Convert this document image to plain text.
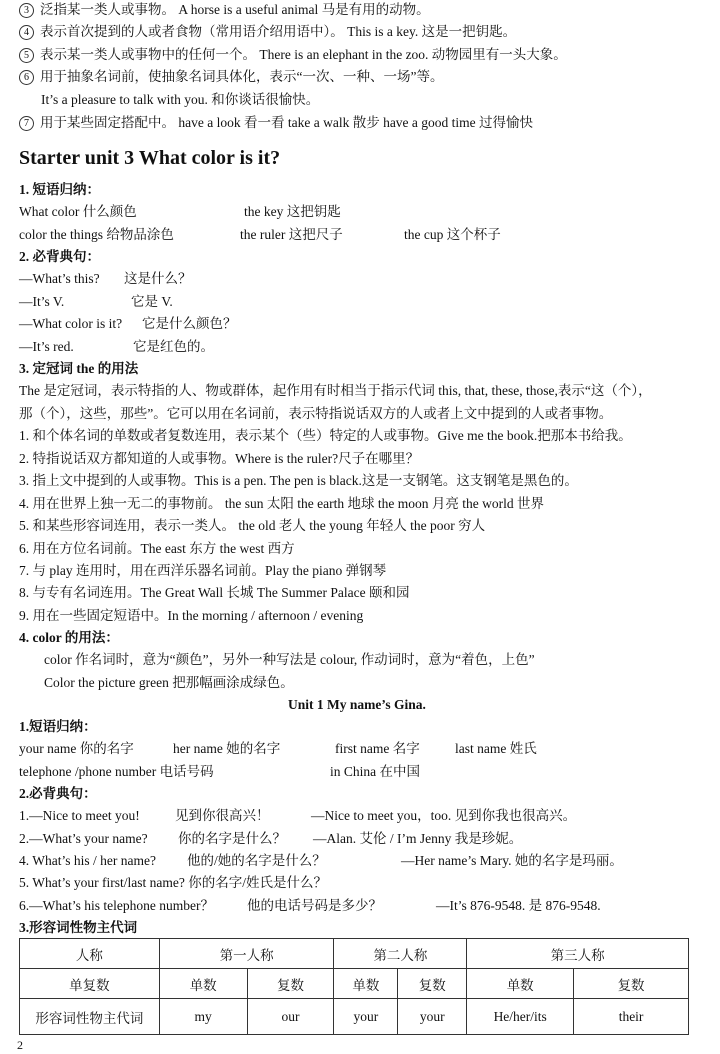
3 泛指某一类人或事物。 A horse is a useful animal 马是有用的动物。
4 表示首次提到的人或者食物（常用语介绍用语中）。 This is a key. 这是一把钥匙。
5 表示某一类人或事物中的任何一个。 There is an elephant in the zoo. 动物园里有一头大象。
6 用于抽象名词前，使抽象名词具体化，表示“一次、一种、一场”等。
It’s a pleasure to talk with you. 和你谈话很愉快。
7 用于某些固定搭配中。 have a look 看一看 take a walk 散步 have a good time 过得愉快
Starter unit 3 What color is it?
1. 短语归纳：
What color 什么颜色	the key 这把钥匙
color the things 给物品涂色	the ruler 这把尺子	the cup 这个杯子
2. 必背典句：
—What’s this? 这是什么？
—It’s V.	它是 V.
—What color is it? 它是什么颜色？
—It’s red.	它是红色的。
3. 定冠词 the 的用法
The 是定冠词，表示特指的人、物或群体，起作用有时相当于指示代词 this, that, these, those,表示“这（个），
那（个），这些，那些”。它可以用在名词前，表示特指说话双方的人或者上文中提到的人或者事物。
1. 和个体名词的单数或者复数连用，表示某个（些）特定的人或事物。Give me the book.把那本书给我。
2. 特指说话双方都知道的人或事物。Where is the ruler?尺子在哪里？
3. 指上文中提到的人或事物。This is a pen. The pen is black.这是一支钢笔。这支钢笔是黑色的。
4. 用在世界上独一无二的事物前。 the sun 太阳 the earth 地球 the moon 月亮 the world 世界
5. 和某些形容词连用，表示一类人。 the old 老人 the young 年轻人 the poor 穷人
6. 用在方位名词前。The east 东方 the west 西方
7. 与 play 连用时，用在西洋乐器名词前。Play the piano 弹钢琴
8. 与专有名词连用。The Great Wall 长城 The Summer Palace 颐和园
9. 用在一些固定短语中。In the morning / afternoon / evening
4. color 的用法：
color 作名词时，意为“颜色”，另外一种写法是 colour, 作动词时，意为“着色，上色”
Color the picture green 把那幅画涂成绿色。
Unit 1 My name’s Gina.
1.短语归纳：
your name 你的名字	her name 她的名字	first name 名字	last name 姓氏
telephone /phone number 电话号码	in China 在中国
2.必背典句：
1.—Nice to meet you!	见到你很高兴！	—Nice to meet you，too. 见到你我也很高兴。
2.—What’s your name? 你的名字是什么？ —Alan. 艾伦 / I’m Jenny 我是珍妮。
4. What’s his / her name? 他的/她的名字是什么？	—Her name’s Mary. 她的名字是玛丽。
5. What’s your first/last name? 你的名字/姓氏是什么？
6.—What’s his telephone number？ 他的电话号码是多少？	—It’s 876-9548. 是 876-9548.
3.形容词性物主代词
人称	第一人称		第二人称		第三人称	
单复数	单数	复数	单数	复数	单数	复数
形容词性物主代词	my	our	your	your	He/her/its	their
2
